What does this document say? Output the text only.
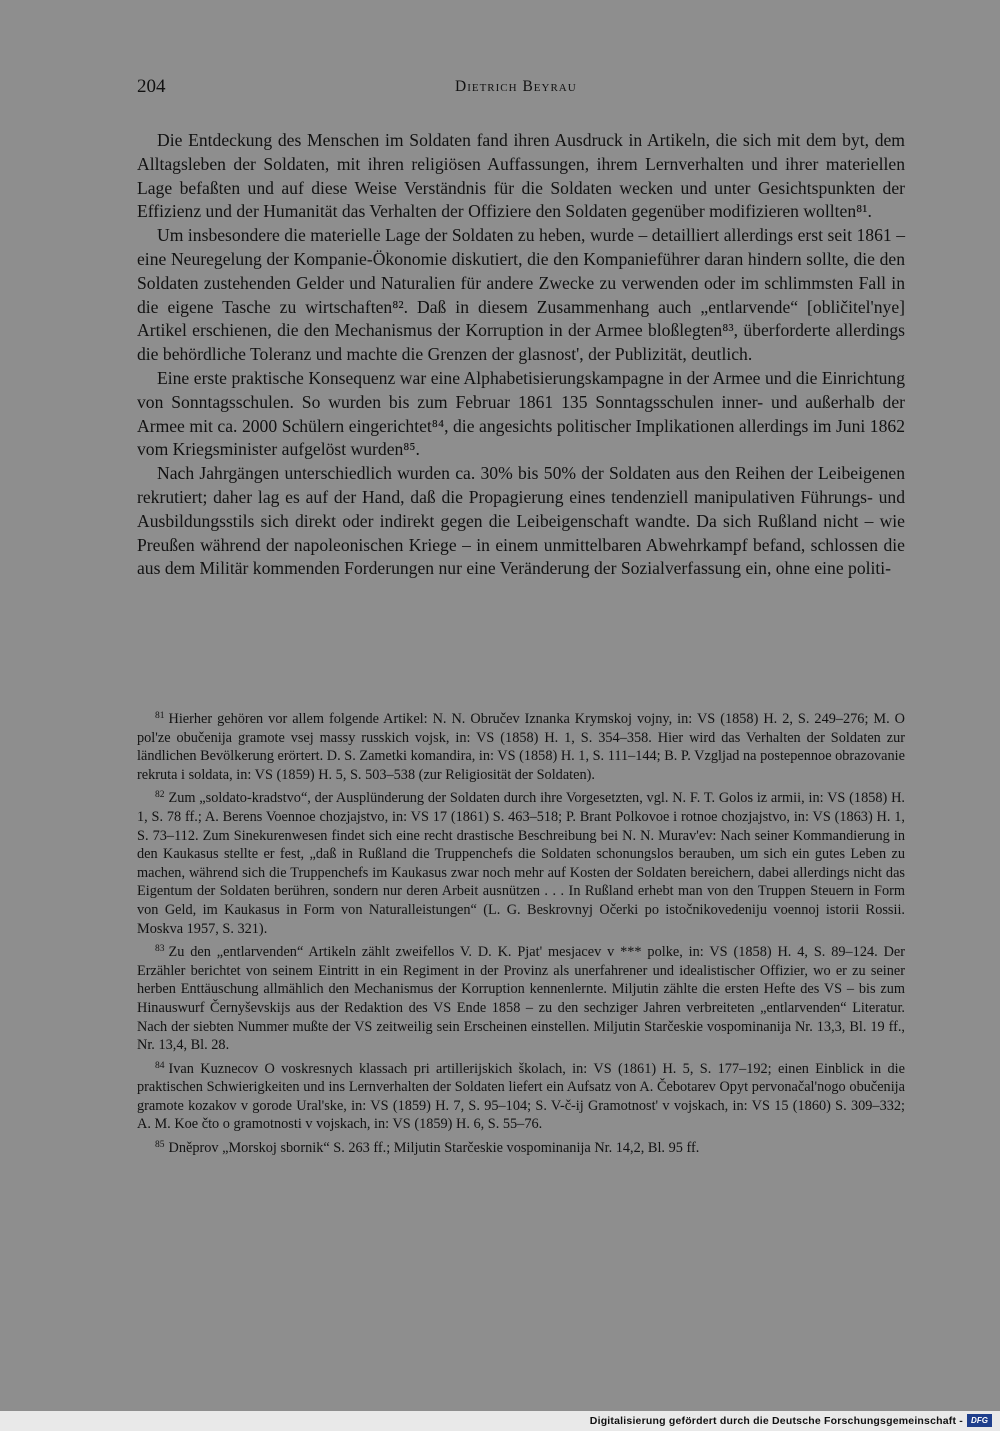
204	Dietrich Beyrau

Die Entdeckung des Menschen im Soldaten fand ihren Ausdruck in Artikeln, die sich mit dem byt, dem Alltagsleben der Soldaten, mit ihren religiösen Auffassungen, ihrem Lernverhalten und ihrer materiellen Lage befaßten und auf diese Weise Verständnis für die Soldaten wecken und unter Gesichtspunkten der Effizienz und der Humanität das Verhalten der Offiziere den Soldaten gegenüber modifizieren wollten⁸¹.

Um insbesondere die materielle Lage der Soldaten zu heben, wurde – detailliert allerdings erst seit 1861 – eine Neuregelung der Kompanie-Ökonomie diskutiert, die den Kompanieführer daran hindern sollte, die den Soldaten zustehenden Gelder und Naturalien für andere Zwecke zu verwenden oder im schlimmsten Fall in die eigene Tasche zu wirtschaften⁸². Daß in diesem Zusammenhang auch „entlarvende“ [obličitel'nye] Artikel erschienen, die den Mechanismus der Korruption in der Armee bloßlegten⁸³, überforderte allerdings die behördliche Toleranz und machte die Grenzen der glasnost', der Publizität, deutlich.

Eine erste praktische Konsequenz war eine Alphabetisierungskampagne in der Armee und die Einrichtung von Sonntagsschulen. So wurden bis zum Februar 1861 135 Sonntagsschulen inner- und außerhalb der Armee mit ca. 2000 Schülern eingerichtet⁸⁴, die angesichts politischer Implikationen allerdings im Juni 1862 vom Kriegsminister aufgelöst wurden⁸⁵.

Nach Jahrgängen unterschiedlich wurden ca. 30% bis 50% der Soldaten aus den Reihen der Leibeigenen rekrutiert; daher lag es auf der Hand, daß die Propagierung eines tendenziell manipulativen Führungs- und Ausbildungsstils sich direkt oder indirekt gegen die Leibeigenschaft wandte. Da sich Rußland nicht – wie Preußen während der napoleonischen Kriege – in einem unmittelbaren Abwehrkampf befand, schlossen die aus dem Militär kommenden Forderungen nur eine Veränderung der Sozialverfassung ein, ohne eine politi-

$^{81}$ Hierher gehören vor allem folgende Artikel: N. N. Obručev Iznanka Krymskoj vojny, in: VS (1858) H. 2, S. 249–276; M. O pol'ze obučenija gramote vsej massy russkich vojsk, in: VS (1858) H. 1, S. 354–358. Hier wird das Verhalten der Soldaten zur ländlichen Bevölkerung erörtert. D. S. Zametki komandira, in: VS (1858) H. 1, S. 111–144; B. P. Vzgljad na postepennoe obrazovanie rekruta i soldata, in: VS (1859) H. 5, S. 503–538 (zur Religiosität der Soldaten).

$^{82}$ Zum „soldato-kradstvo“, der Ausplünderung der Soldaten durch ihre Vorgesetzten, vgl. N. F. T. Golos iz armii, in: VS (1858) H. 1, S. 78 ff.; A. Berens Voennoe chozjajstvo, in: VS 17 (1861) S. 463–518; P. Brant Polkovoe i rotnoe chozjajstvo, in: VS (1863) H. 1, S. 73–112. Zum Sinekurenwesen findet sich eine recht drastische Beschreibung bei N. N. Murav'ev: Nach seiner Kommandierung in den Kaukasus stellte er fest, „daß in Rußland die Truppenchefs die Soldaten schonungslos berauben, um sich ein gutes Leben zu machen, während sich die Truppenchefs im Kaukasus zwar noch mehr auf Kosten der Soldaten bereichern, dabei allerdings nicht das Eigentum der Soldaten berühren, sondern nur deren Arbeit ausnützen . . . In Rußland erhebt man von den Truppen Steuern in Form von Geld, im Kaukasus in Form von Naturalleistungen“ (L. G. Beskrovnyj Očerki po istočnikovedeniju voennoj istorii Rossii. Moskva 1957, S. 321).

$^{83}$ Zu den „entlarvenden“ Artikeln zählt zweifellos V. D. K. Pjat' mesjacev v *** polke, in: VS (1858) H. 4, S. 89–124. Der Erzähler berichtet von seinem Eintritt in ein Regiment in der Provinz als unerfahrener und idealistischer Offizier, wo er zu seiner herben Enttäuschung allmählich den Mechanismus der Korruption kennenlernte. Miljutin zählte die ersten Hefte des VS – bis zum Hinauswurf Černyševskijs aus der Redaktion des VS Ende 1858 – zu den sechziger Jahren verbreiteten „entlarvenden“ Literatur. Nach der siebten Nummer mußte der VS zeitweilig sein Erscheinen einstellen. Miljutin Starčeskie vospominanija Nr. 13,3, Bl. 19 ff., Nr. 13,4, Bl. 28.

$^{84}$ Ivan Kuznecov O voskresnych klassach pri artillerijskich školach, in: VS (1861) H. 5, S. 177–192; einen Einblick in die praktischen Schwierigkeiten und ins Lernverhalten der Soldaten liefert ein Aufsatz von A. Čebotarev Opyt pervonačal'nogo obučenija gramote kozakov v gorode Ural'ske, in: VS (1859) H. 7, S. 95–104; S. V-č-ij Gramotnost' v vojskach, in: VS 15 (1860) S. 309–332; A. M. Koe čto o gramotnosti v vojskach, in: VS (1859) H. 6, S. 55–76.

$^{85}$ Dněprov „Morskoj sbornik“ S. 263 ff.; Miljutin Starčeskie vospominanija Nr. 14,2, Bl. 95 ff.

Digitalisierung gefördert durch die Deutsche Forschungsgemeinschaft -	DFG
